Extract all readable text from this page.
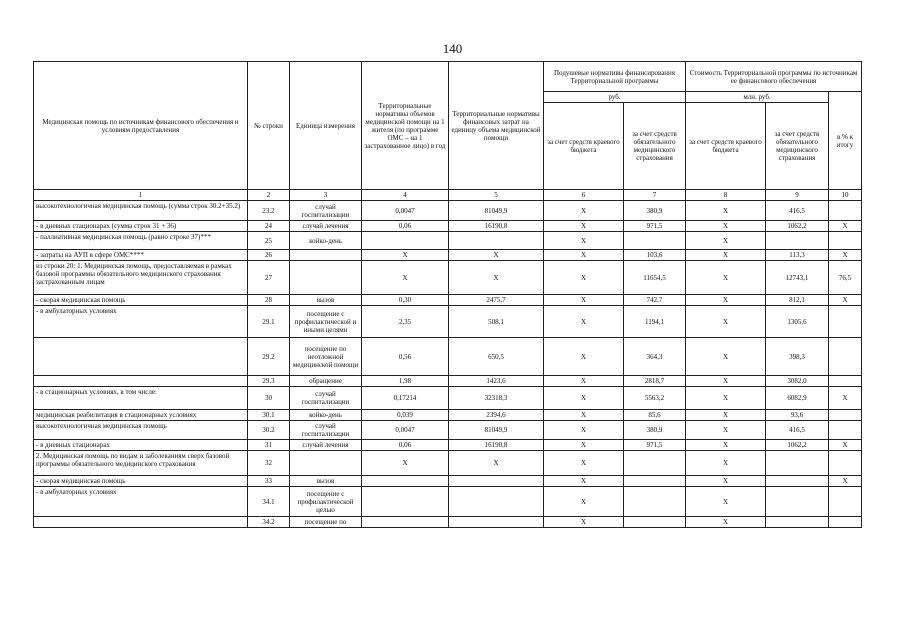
140
Медицинская помощь по источникам финансового обеспечения и условиям предоставления	№ строки	Единица измерения	Территориальные нормативы объемов медицинской помощи на 1 жителя (по программе ОМС – на 1 застрахованное лицо) в год	Территориальные нормативы финансовых затрат на единицу объема медицинской помощи	Подушевые нормативы финансирования Территориальной программы		Стоимость Территориальной программы по источникам ее финансового обеспечения		
					руб.		млн. руб.		в % к итогу
					за счет средств краевого бюджета	за счет средств обязательного медицинского страхования	за счет средств краевого бюджета	за счет средств обязательного медицинского страхования	
1	2	3	4	5	6	7	8	9	10
высокотехнологичная медицинская помощь (сумма строк 30.2+35.2)	23.2	случай госпитализации	0,0047	81049,9	X	380,9	X	416,5	
- в дневных стационарах (сумма строк 31 + 36)	24	случай лечения	0,06	16190,8	X	971,5	X	1062,2	X
- паллиативная медицинская помощь (равно строке 37)***	25	койко-день			X		X		
- затраты на АУП в сфере ОМС****	26		X	X	X	103,6	X	113,3	X
из строки 20: 1. Медицинская помощь, предоставляемая в рамках базовой программы обязательного медицинского страхования застрахованным лицам	27		X	X	X	11654,5	X	12743,1	76,5
- скорая медицинская помощь	28	вызов	0,30	2475,7	X	742,7	X	812,1	X
- в амбулаторных условиях	29.1	посещение с профилактической и иными целями	2,35	508,1	X	1194,1	X	1305,6	
	29.2	посещение по неотложной медицинской помощи	0,56	650,5	X	364,3	X	398,3	
	29.3	обращение	1,98	1423,6	X	2818,7	X	3082,0	
- в стационарных условиях, в том числе:	30	случай госпитализации	0,17214	32318,3	X	5563,2	X	6082,9	X
медицинская реабилитация в стационарных условиях	30.1	койко-день	0,039	2394,6	X	85,6	X	93,6	
высокотехнологичная медицинская помощь	30.2	случай госпитализации	0,0047	81049,9	X	380,9	X	416,5	
- в дневных стационарах	31	случай лечения	0,06	16190,8	X	971,5	X	1062,2	X
2. Медицинская помощь по видам и заболеваниям сверх базовой программы обязательного медицинского страхования	32		X	X	X		X		
- скорая медицинская помощь	33	вызов			X		X		X
- в амбулаторных условиях	34.1	посещение с профилактической целью			X		X		
	34.2	посещение по			X		X		
